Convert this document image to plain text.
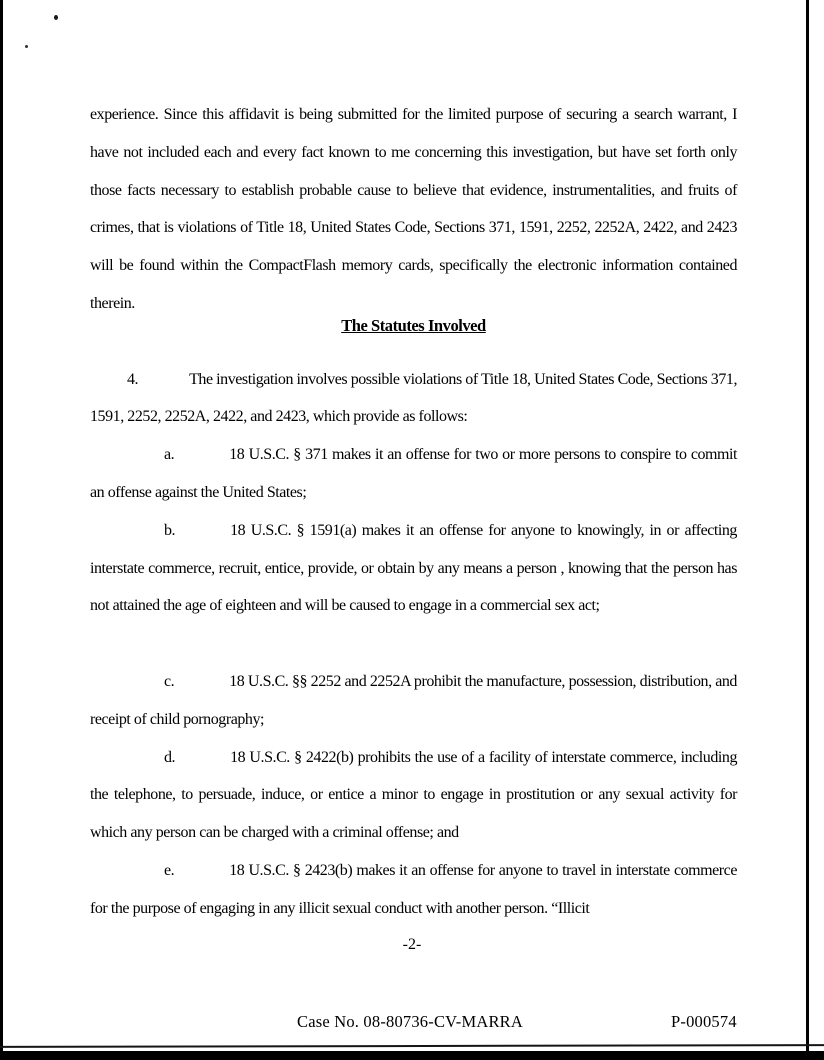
experience. Since this affidavit is being submitted for the limited purpose of securing a search warrant, I have not included each and every fact known to me concerning this investigation, but have set forth only those facts necessary to establish probable cause to believe that evidence, instrumentalities, and fruits of crimes, that is violations of Title 18, United States Code, Sections 371, 1591, 2252, 2252A, 2422, and 2423 will be found within the CompactFlash memory cards, specifically the electronic information contained therein.

The Statutes Involved

4.	The investigation involves possible violations of Title 18, United States Code, Sections 371, 1591, 2252, 2252A, 2422, and 2423, which provide as follows:

a.	18 U.S.C. § 371 makes it an offense for two or more persons to conspire to commit an offense against the United States;

b.	18 U.S.C. § 1591(a) makes it an offense for anyone to knowingly, in or affecting interstate commerce, recruit, entice, provide, or obtain by any means a person , knowing that the person has not attained the age of eighteen and will be caused to engage in a commercial sex act;

c.	18 U.S.C. §§ 2252 and 2252A prohibit the manufacture, possession, distribution, and receipt of child pornography;

d.	18 U.S.C. § 2422(b) prohibits the use of a facility of interstate commerce, including the telephone, to persuade, induce, or entice a minor to engage in prostitution or any sexual activity for which any person can be charged with a criminal offense; and

e.	18 U.S.C. § 2423(b) makes it an offense for anyone to travel in interstate commerce for the purpose of engaging in any illicit sexual conduct with another person. “Illicit

-2-
Case No. 08-80736-CV-MARRA	P-000574
